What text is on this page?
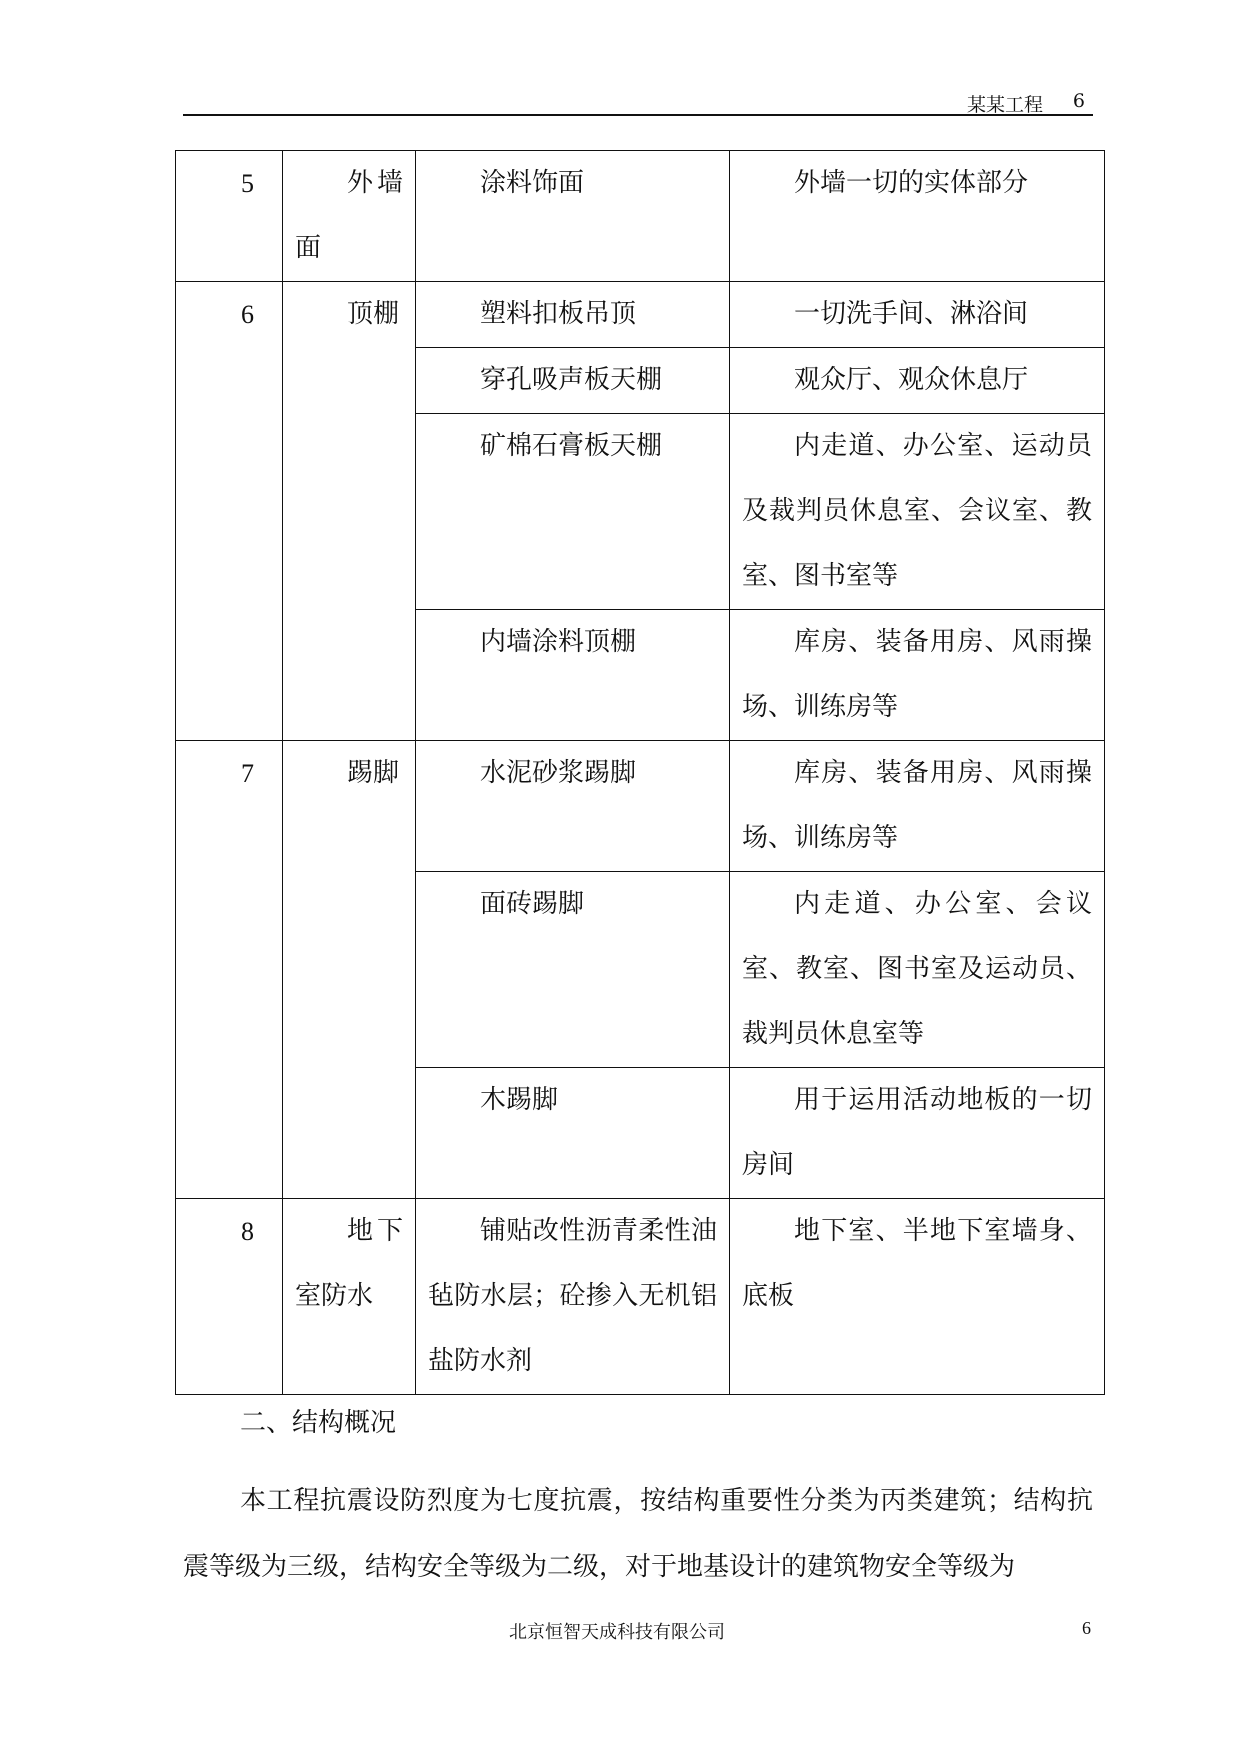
某某工程 6
5	外墙面	涂料饰面	外墙一切的实体部分

6	顶棚	塑料扣板吊顶	一切洗手间、淋浴间

		穿孔吸声板天棚	观众厅、观众休息厅

		矿棉石膏板天棚	内走道、办公室、运动员及裁判员休息室、会议室、教室、图书室等

		内墙涂料顶棚	库房、装备用房、风雨操场、训练房等

7	踢脚	水泥砂浆踢脚	库房、装备用房、风雨操场、训练房等

		面砖踢脚	内走道、办公室、会议室、教室、图书室及运动员、裁判员休息室等

		木踢脚	用于运用活动地板的一切房间

8	地下室防水	铺贴改性沥青柔性油毡防水层；砼掺入无机铝盐防水剂	地下室、半地下室墙身、底板
二、结构概况
本工程抗震设防烈度为七度抗震，按结构重要性分类为丙类建筑；结构抗震等级为三级，结构安全等级为二级，对于地基设计的建筑物安全等级为
北京恒智天成科技有限公司	6
